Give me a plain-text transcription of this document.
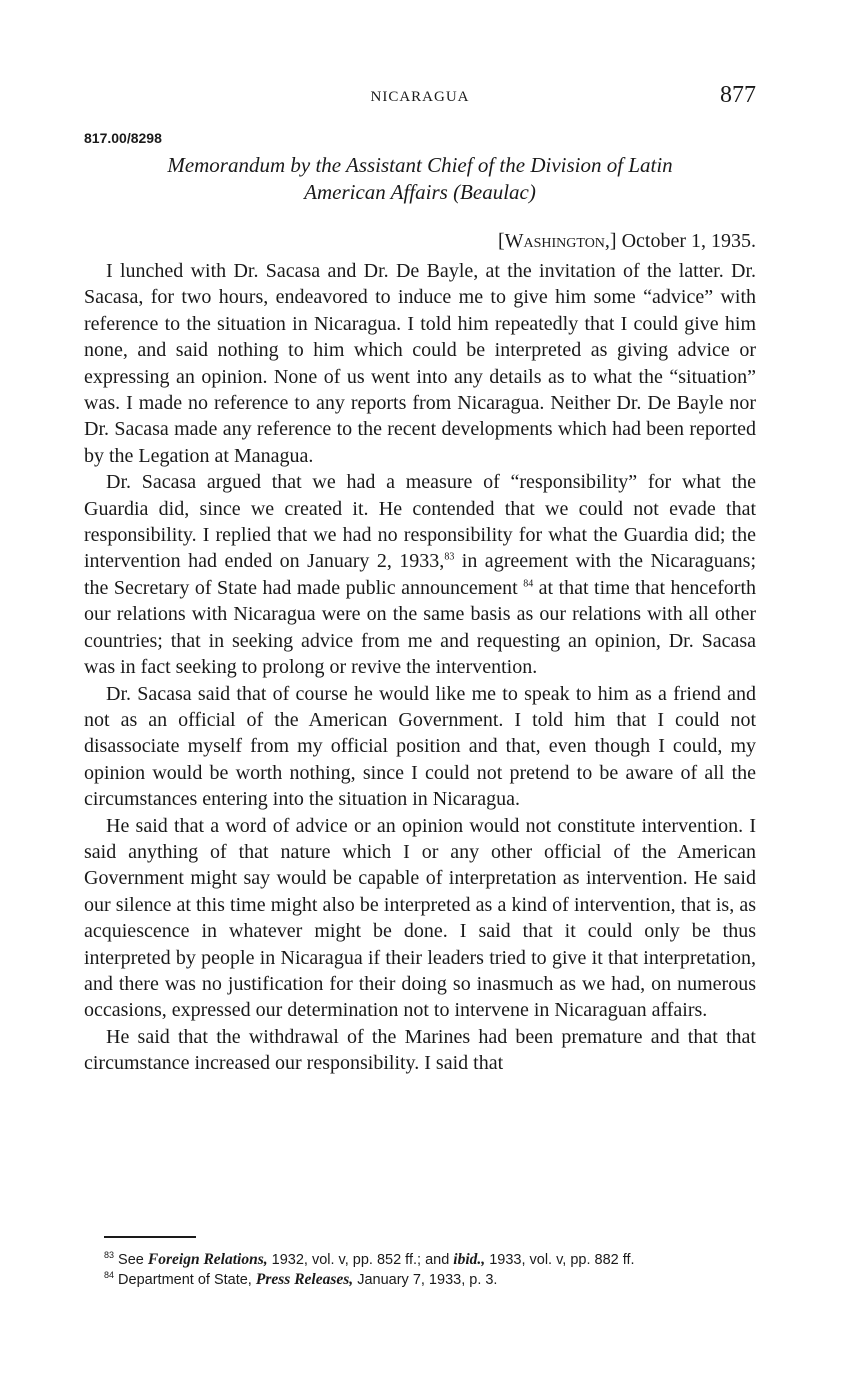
NICARAGUA	877
817.00/8298
Memorandum by the Assistant Chief of the Division of Latin
American Affairs (Beaulac)
[Washington,] October 1, 1935.

I lunched with Dr. Sacasa and Dr. De Bayle, at the invitation of the latter. Dr. Sacasa, for two hours, endeavored to induce me to give him some “advice” with reference to the situation in Nicaragua. I told him repeatedly that I could give him none, and said nothing to him which could be interpreted as giving advice or expressing an opinion. None of us went into any details as to what the “situation” was. I made no reference to any reports from Nicaragua. Neither Dr. De Bayle nor Dr. Sacasa made any reference to the recent developments which had been reported by the Legation at Managua.

Dr. Sacasa argued that we had a measure of “responsibility” for what the Guardia did, since we created it. He contended that we could not evade that responsibility. I replied that we had no responsibility for what the Guardia did; the intervention had ended on January 2, 1933,83 in agreement with the Nicaraguans; the Secretary of State had made public announcement $^{84}$ at that time that henceforth our relations with Nicaragua were on the same basis as our relations with all other countries; that in seeking advice from me and requesting an opinion, Dr. Sacasa was in fact seeking to prolong or revive the intervention.

Dr. Sacasa said that of course he would like me to speak to him as a friend and not as an official of the American Government. I told him that I could not disassociate myself from my official position and that, even though I could, my opinion would be worth nothing, since I could not pretend to be aware of all the circumstances entering into the situation in Nicaragua.

He said that a word of advice or an opinion would not constitute intervention. I said anything of that nature which I or any other official of the American Government might say would be capable of interpretation as intervention. He said our silence at this time might also be interpreted as a kind of intervention, that is, as acquiescence in whatever might be done. I said that it could only be thus interpreted by people in Nicaragua if their leaders tried to give it that interpretation, and there was no justification for their doing so inasmuch as we had, on numerous occasions, expressed our determination not to intervene in Nicaraguan affairs.

He said that the withdrawal of the Marines had been premature and that that circumstance increased our responsibility. I said that

$^{83}$ See Foreign Relations, 1932, vol. v, pp. 852 ff.; and ibid., 1933, vol. v, pp. 882 ff.
$^{84}$ Department of State, Press Releases, January 7, 1933, p. 3.
